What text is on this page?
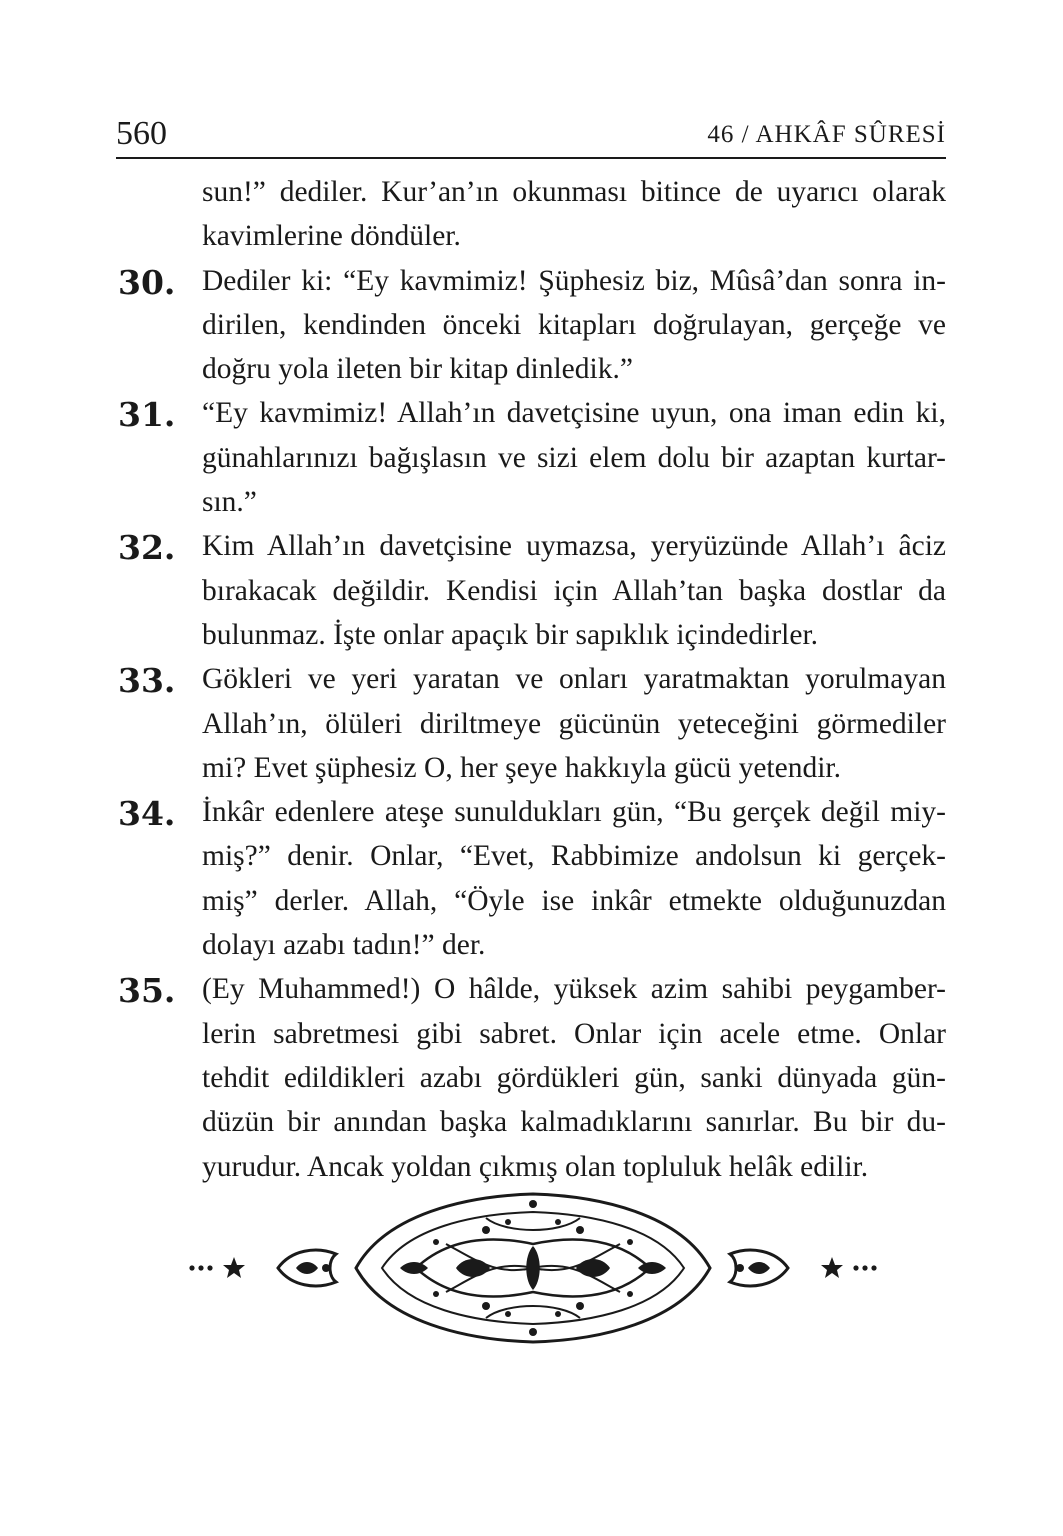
560	46 / AHKÂF SÛRESİ
sun!” dediler. Kur’an’ın okunması bitince de uyarıcı olarak
kavimlerine döndüler.
30. Dediler ki: “Ey kavmimiz! Şüphesiz biz, Mûsâ’dan sonra in-
dirilen, kendinden önceki kitapları doğrulayan, gerçeğe ve
doğru yola ileten bir kitap dinledik.”
31. “Ey kavmimiz! Allah’ın davetçisine uyun, ona iman edin ki,
günahlarınızı bağışlasın ve sizi elem dolu bir azaptan kurtar-
sın.”
32. Kim Allah’ın davetçisine uymazsa, yeryüzünde Allah’ı âciz
bırakacak değildir. Kendisi için Allah’tan başka dostlar da
bulunmaz. İşte onlar apaçık bir sapıklık içindedirler.
33. Gökleri ve yeri yaratan ve onları yaratmaktan yorulmayan
Allah’ın, ölüleri diriltmeye gücünün yeteceğini görmediler
mi? Evet şüphesiz O, her şeye hakkıyla gücü yetendir.
34. İnkâr edenlere ateşe sunuldukları gün, “Bu gerçek değil miy-
miş?” denir. Onlar, “Evet, Rabbimize andolsun ki gerçek-
miş” derler. Allah, “Öyle ise inkâr etmekte olduğunuzdan
dolayı azabı tadın!” der.
35. (Ey Muhammed!) O hâlde, yüksek azim sahibi peygamber-
lerin sabretmesi gibi sabret. Onlar için acele etme. Onlar
tehdit edildikleri azabı gördükleri gün, sanki dünyada gün-
düzün bir anından başka kalmadıklarını sanırlar. Bu bir du-
yurudur. Ancak yoldan çıkmış olan topluluk helâk edilir.
